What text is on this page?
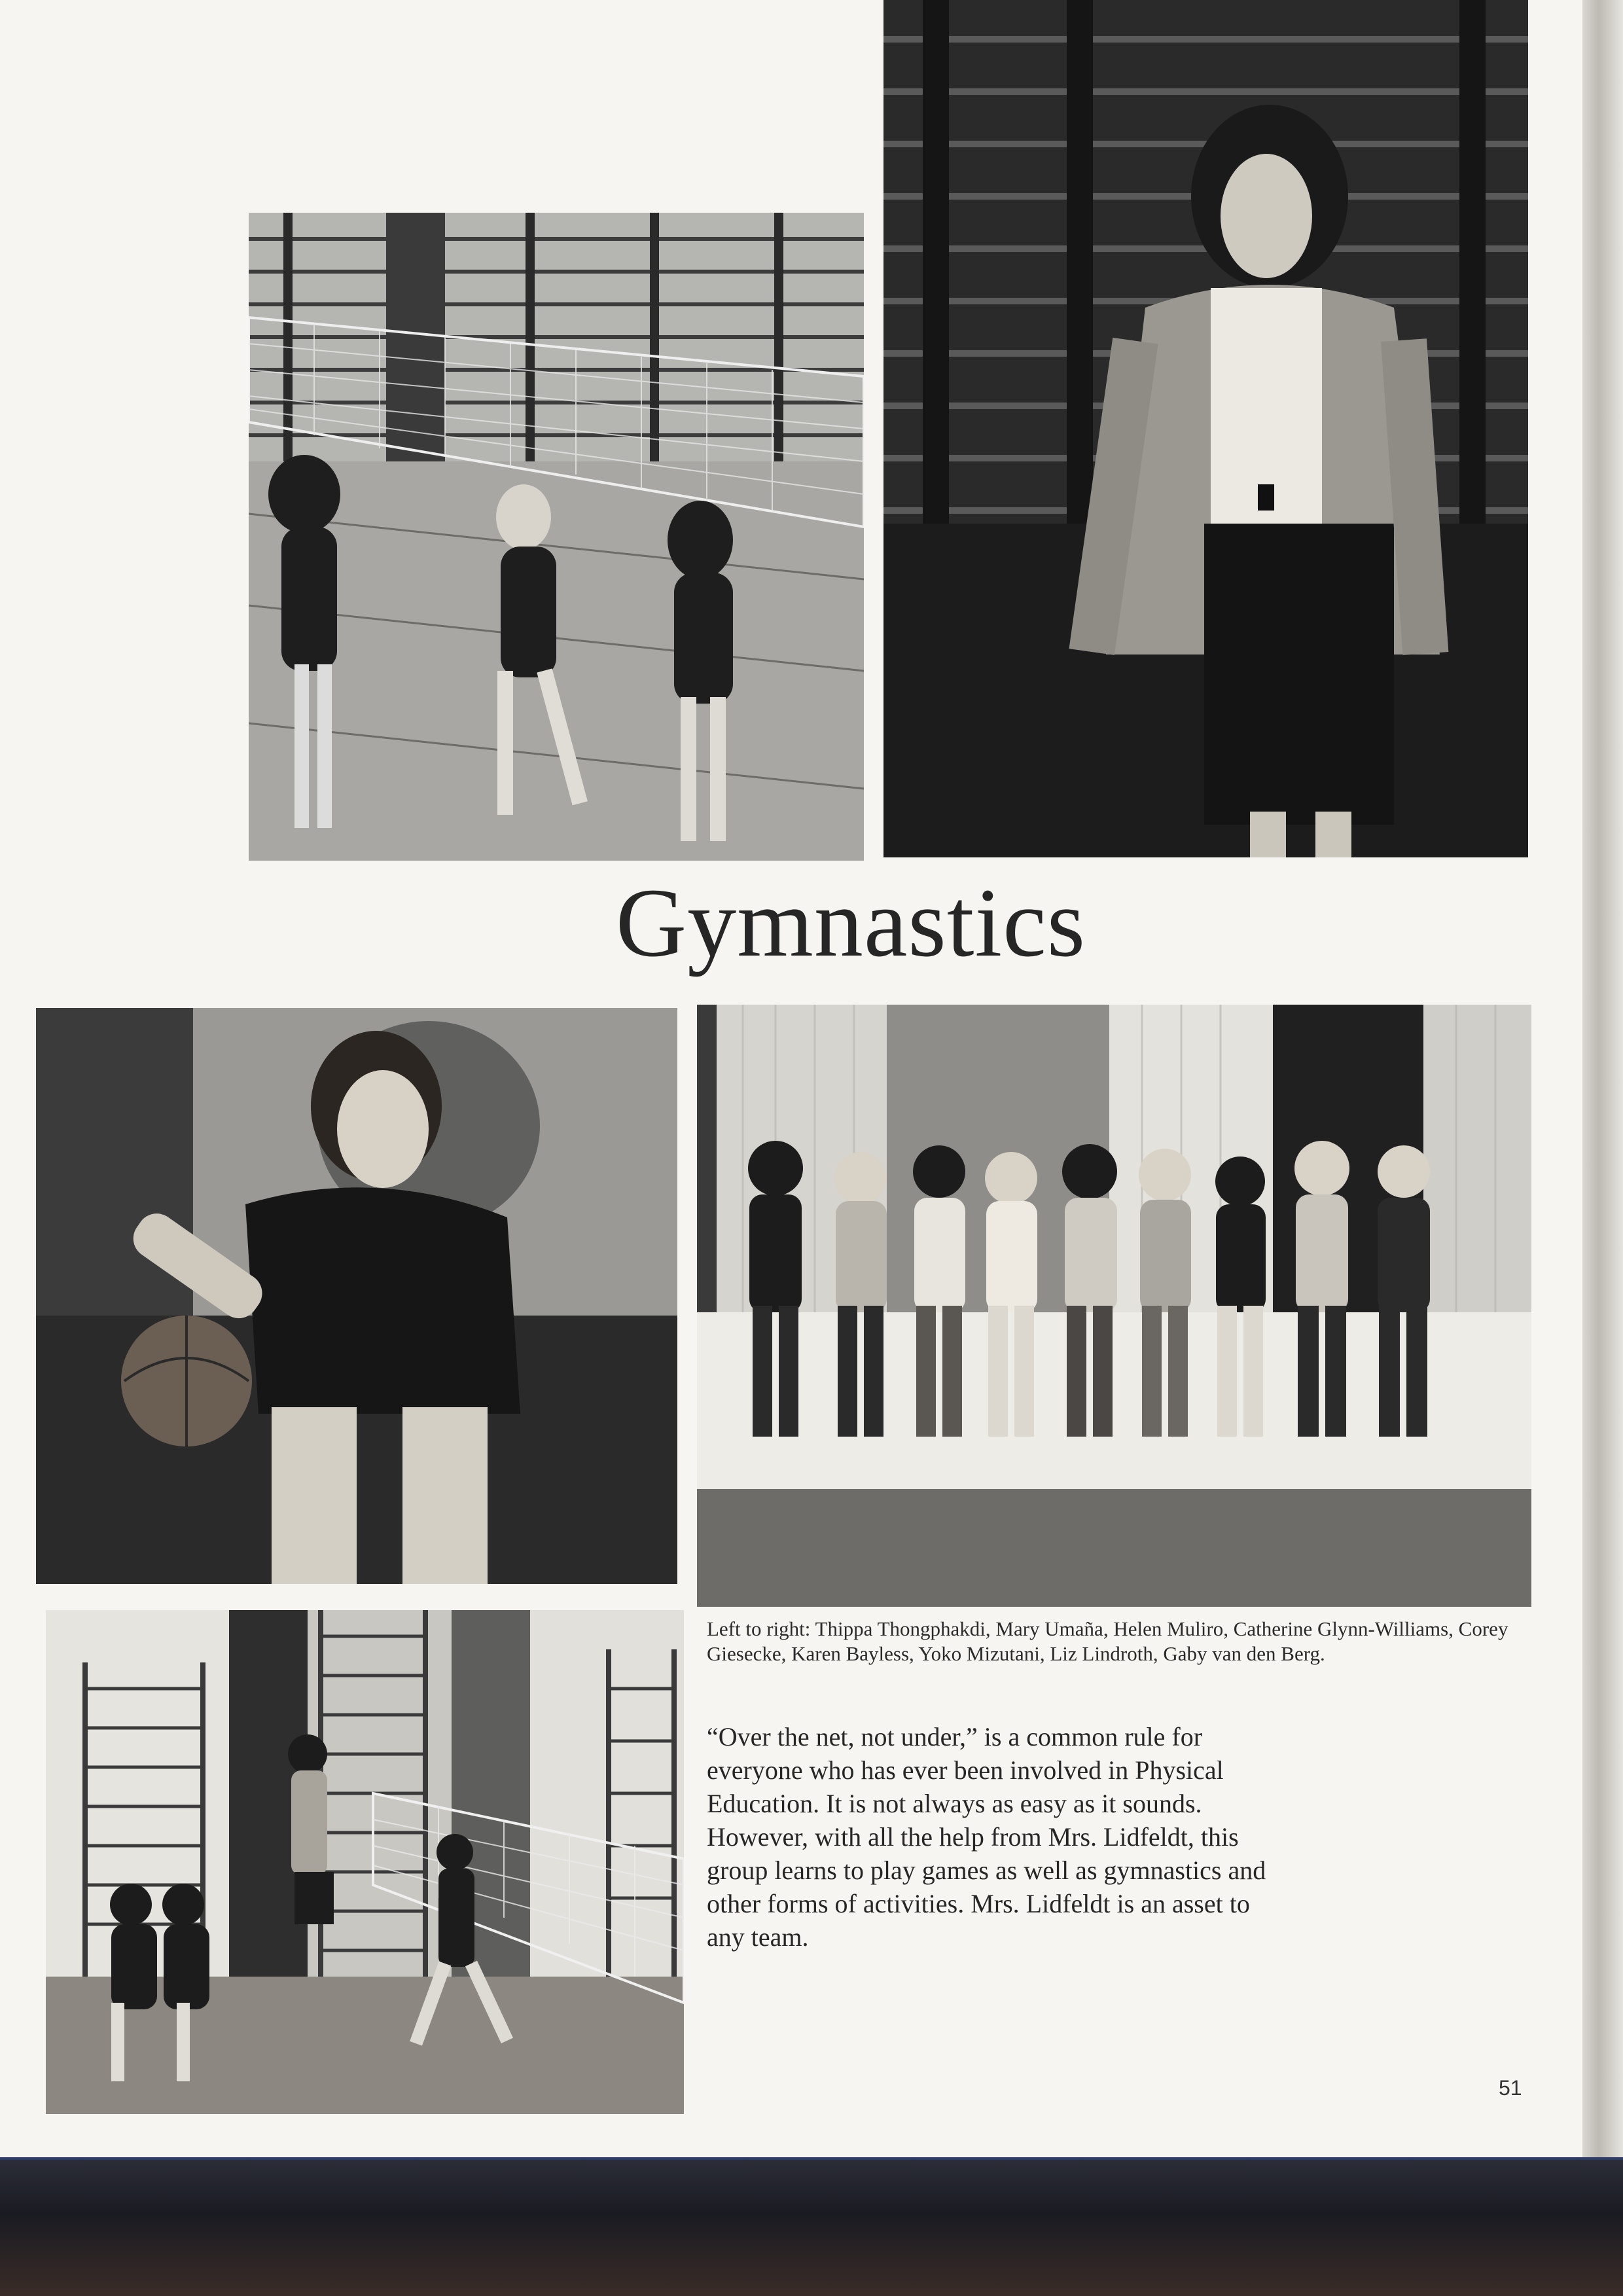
Gymnastics
Left to right: Thippa Thongphakdi, Mary Umaña, Helen Muliro, Catherine Glynn-Williams, Corey Giesecke, Karen Bayless, Yoko Mizutani, Liz Lindroth, Gaby van den Berg.
“Over the net, not under,” is a common rule for everyone who has ever been involved in Physical Education. It is not always as easy as it sounds. However, with all the help from Mrs. Lidfeldt, this group learns to play games as well as gymnastics and other forms of activities. Mrs. Lidfeldt is an asset to any team.
51
